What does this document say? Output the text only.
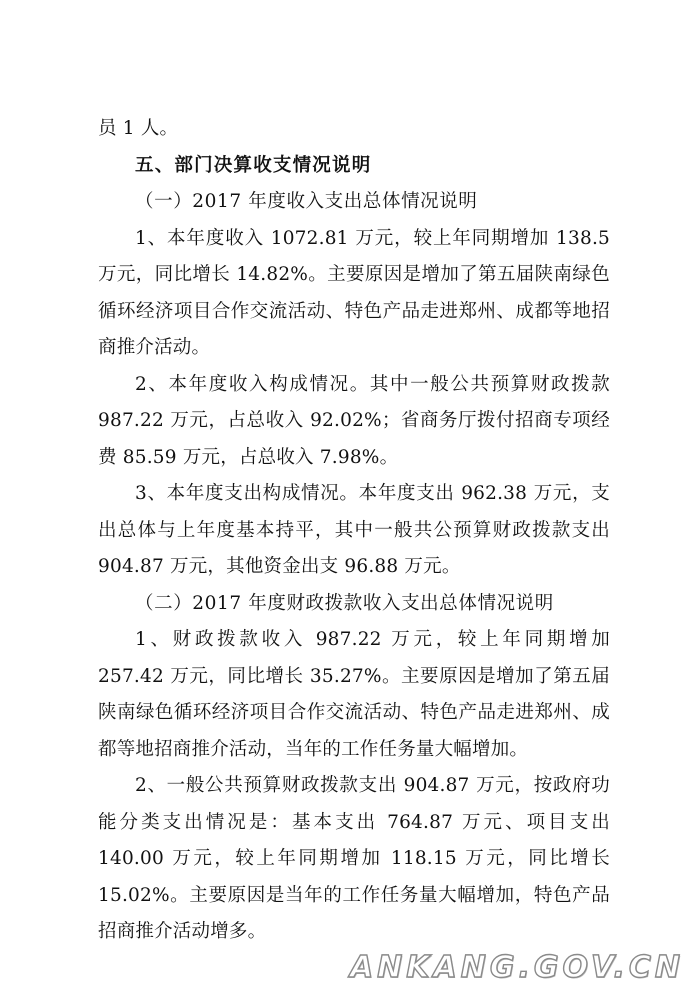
员 1 人。

五、部门决算收支情况说明

（一）2017 年度收入支出总体情况说明

1、本年度收入 1072.81 万元，较上年同期增加 138.5 万元，同比增长 14.82%。主要原因是增加了第五届陕南绿色循环经济项目合作交流活动、特色产品走进郑州、成都等地招商推介活动。

2、本年度收入构成情况。其中一般公共预算财政拨款 987.22 万元，占总收入 92.02%；省商务厅拨付招商专项经费 85.59 万元，占总收入 7.98%。

3、本年度支出构成情况。本年度支出 962.38 万元，支出总体与上年度基本持平，其中一般共公预算财政拨款支出 904.87 万元，其他资金出支 96.88 万元。

（二）2017 年度财政拨款收入支出总体情况说明

1、财政拨款收入 987.22 万元，较上年同期增加 257.42 万元，同比增长 35.27%。主要原因是增加了第五届陕南绿色循环经济项目合作交流活动、特色产品走进郑州、成都等地招商推介活动，当年的工作任务量大幅增加。

2、一般公共预算财政拨款支出 904.87 万元，按政府功能分类支出情况是：基本支出 764.87 万元、项目支出 140.00 万元，较上年同期增加 118.15 万元，同比增长 15.02%。主要原因是当年的工作任务量大幅增加，特色产品招商推介活动增多。

ANKANG.GOV.CN
